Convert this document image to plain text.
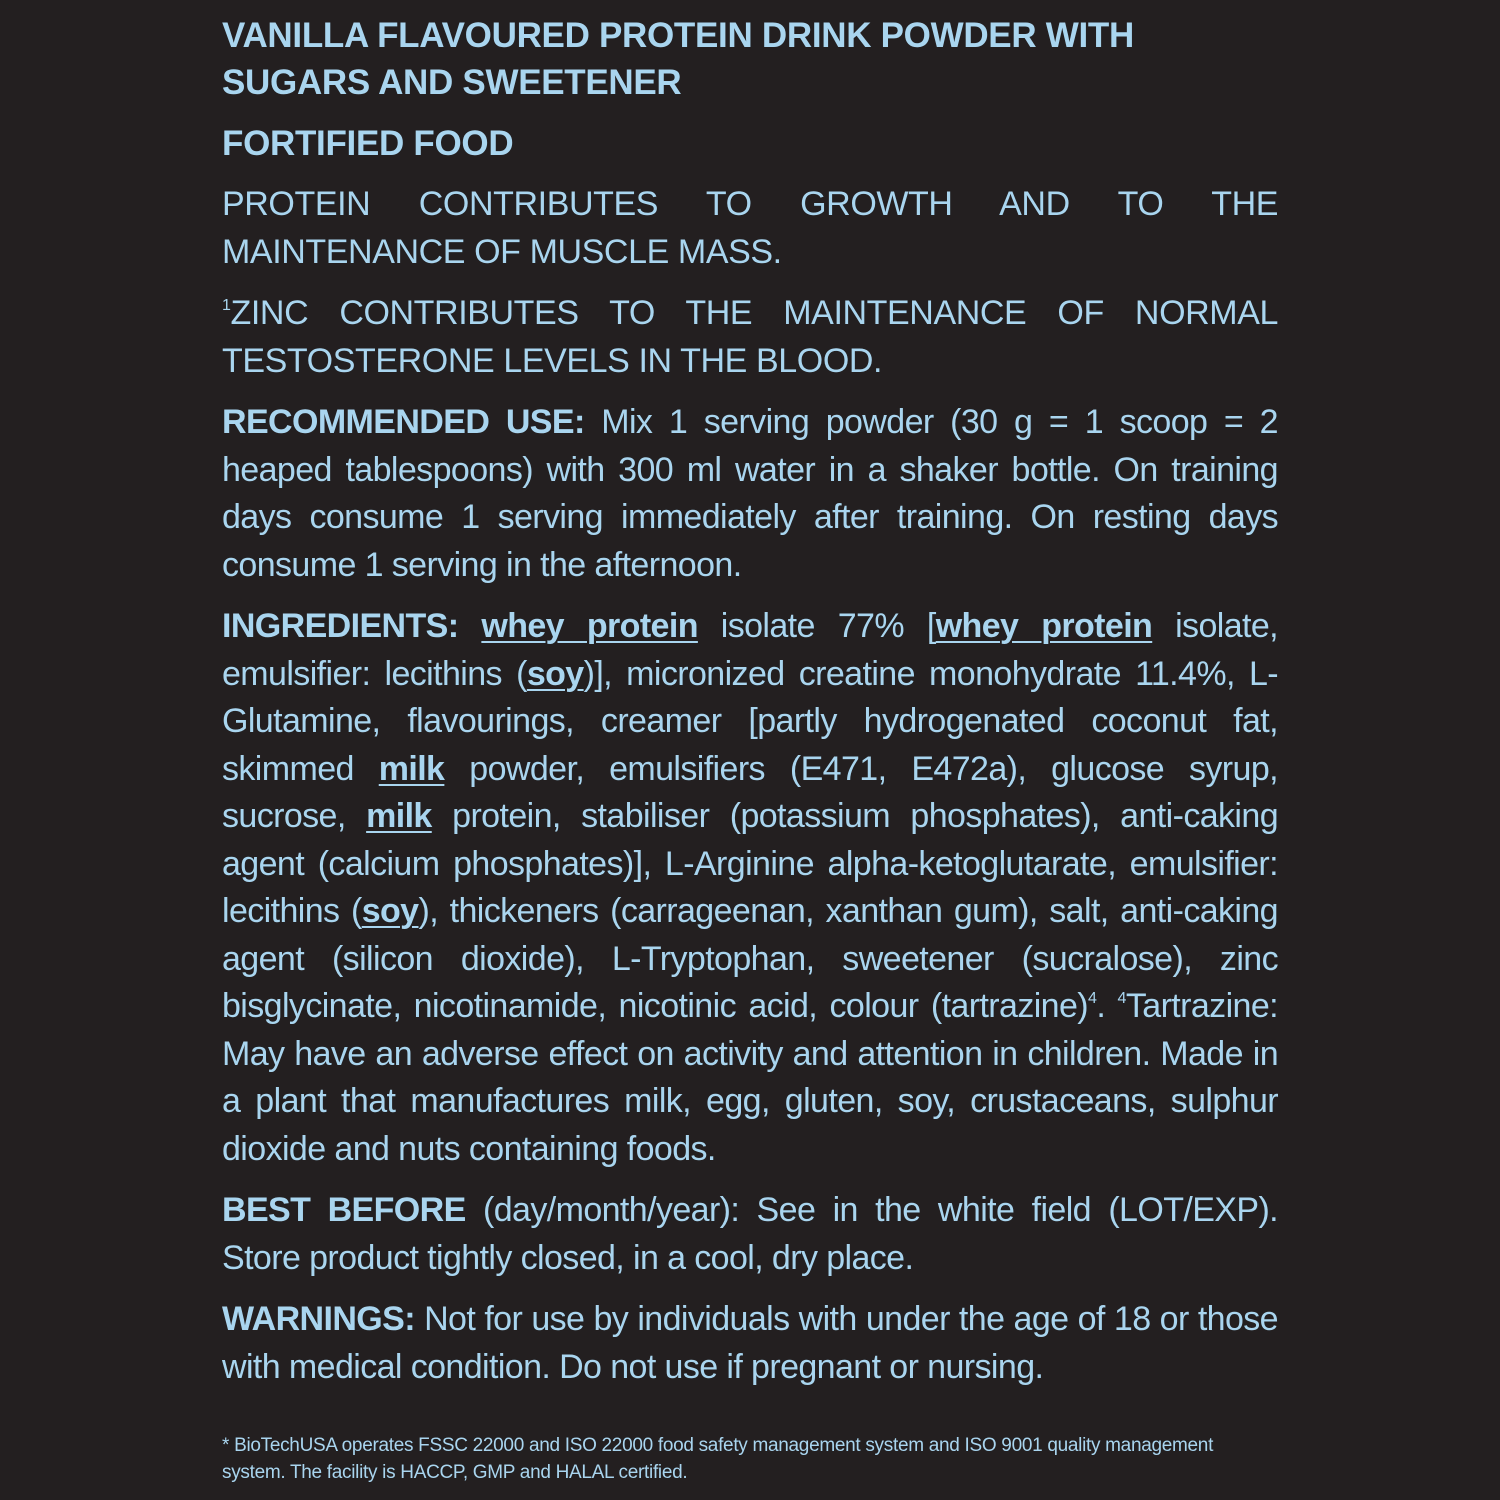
VANILLA FLAVOURED PROTEIN DRINK POWDER WITH SUGARS AND SWEETENER
FORTIFIED FOOD
PROTEIN CONTRIBUTES TO GROWTH AND TO THE MAINTENANCE OF MUSCLE MASS.
$^1$ZINC CONTRIBUTES TO THE MAINTENANCE OF NORMAL TESTOSTERONE LEVELS IN THE BLOOD.
RECOMMENDED USE: Mix 1 serving powder (30 g = 1 scoop = 2 heaped tablespoons) with 300 ml water in a shaker bottle. On training days consume 1 serving immediately after training. On resting days consume 1 serving in the afternoon.
INGREDIENTS: whey protein isolate 77% [whey protein isolate, emulsifier: lecithins (soy)], micronized creatine monohydrate 11.4%, L-Glutamine, flavourings, creamer [partly hydrogenated coconut fat, skimmed milk powder, emulsifiers (E471, E472a), glucose syrup, sucrose, milk protein, stabiliser (potassium phosphates), anti-caking agent (calcium phosphates)], L-Arginine alpha-ketoglutarate, emulsifier: lecithins (soy), thickeners (carrageenan, xanthan gum), salt, anti-caking agent (silicon dioxide), L-Tryptophan, sweetener (sucralose), zinc bisglycinate, nicotinamide, nicotinic acid, colour (tartrazine)$^4$. $^4$Tartrazine: May have an adverse effect on activity and attention in children. Made in a plant that manufactures milk, egg, gluten, soy, crustaceans, sulphur dioxide and nuts containing foods.
BEST BEFORE (day/month/year): See in the white field (LOT/EXP). Store product tightly closed, in a cool, dry place.
WARNINGS: Not for use by individuals with under the age of 18 or those with medical condition. Do not use if pregnant or nursing.
* BioTechUSA operates FSSC 22000 and ISO 22000 food safety management system and ISO 9001 quality management system. The facility is HACCP, GMP and HALAL certified.
